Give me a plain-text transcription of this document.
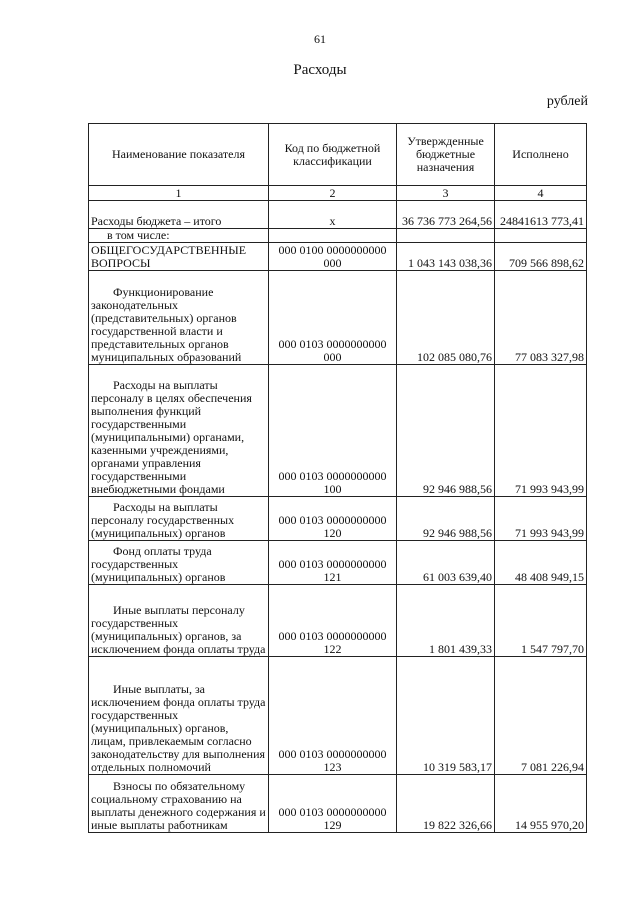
61
Расходы
рублей
Наименование показателя	Код по бюджетной классификации	Утвержденные бюджетные назначения	Исполнено
1	2	3	4
Расходы бюджета – итого	x	36 736 773 264,56	24841613 773,41
в том числе:			
ОБЩЕГОСУДАРСТВЕННЫЕ ВОПРОСЫ	000 0100 0000000000 000	1 043 143 038,36	709 566 898,62
Функционирование законодательных (представительных) органов государственной власти и представительных органов муниципальных образований	000 0103 0000000000 000	102 085 080,76	77 083 327,98
Расходы на выплаты персоналу в целях обеспечения выполнения функций государственными (муниципальными) органами, казенными учреждениями, органами управления государственными внебюджетными фондами	000 0103 0000000000 100	92 946 988,56	71 993 943,99
Расходы на выплаты персоналу государственных (муниципальных) органов	000 0103 0000000000 120	92 946 988,56	71 993 943,99
Фонд оплаты труда государственных (муниципальных) органов	000 0103 0000000000 121	61 003 639,40	48 408 949,15
Иные выплаты персоналу государственных (муниципальных) органов, за исключением фонда оплаты труда	000 0103 0000000000 122	1 801 439,33	1 547 797,70
Иные выплаты, за исключением фонда оплаты труда государственных (муниципальных) органов, лицам, привлекаемым согласно законодательству для выполнения отдельных полномочий	000 0103 0000000000 123	10 319 583,17	7 081 226,94
Взносы по обязательному социальному страхованию на выплаты денежного содержания и иные выплаты работникам	000 0103 0000000000 129	19 822 326,66	14 955 970,20
